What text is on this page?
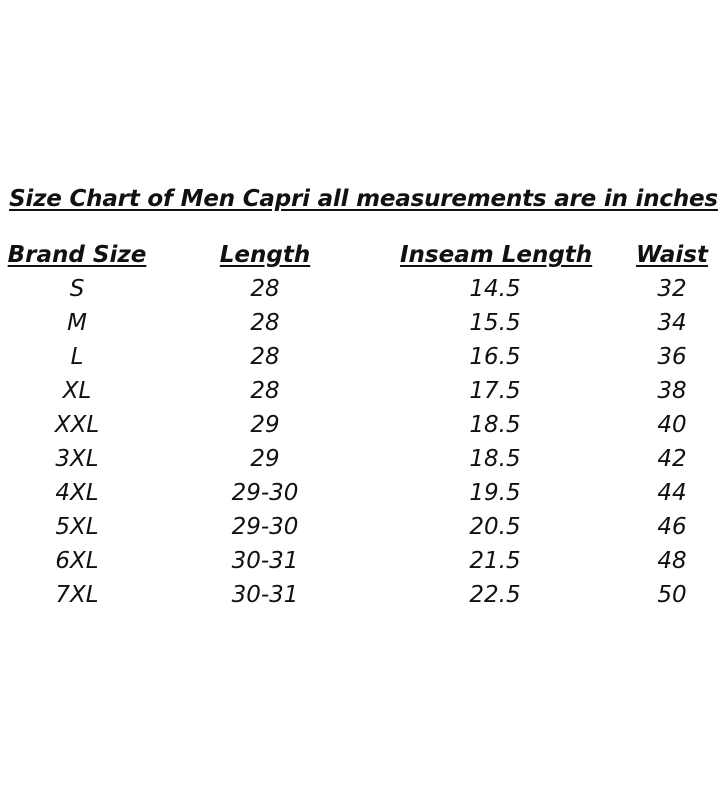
Size Chart of Men Capri all measurements are in inches
Brand Size	Length	Inseam Length	Waist
S	28	14.5	32
M	28	15.5	34
L	28	16.5	36
XL	28	17.5	38
XXL	29	18.5	40
3XL	29	18.5	42
4XL	29-30	19.5	44
5XL	29-30	20.5	46
6XL	30-31	21.5	48
7XL	30-31	22.5	50
